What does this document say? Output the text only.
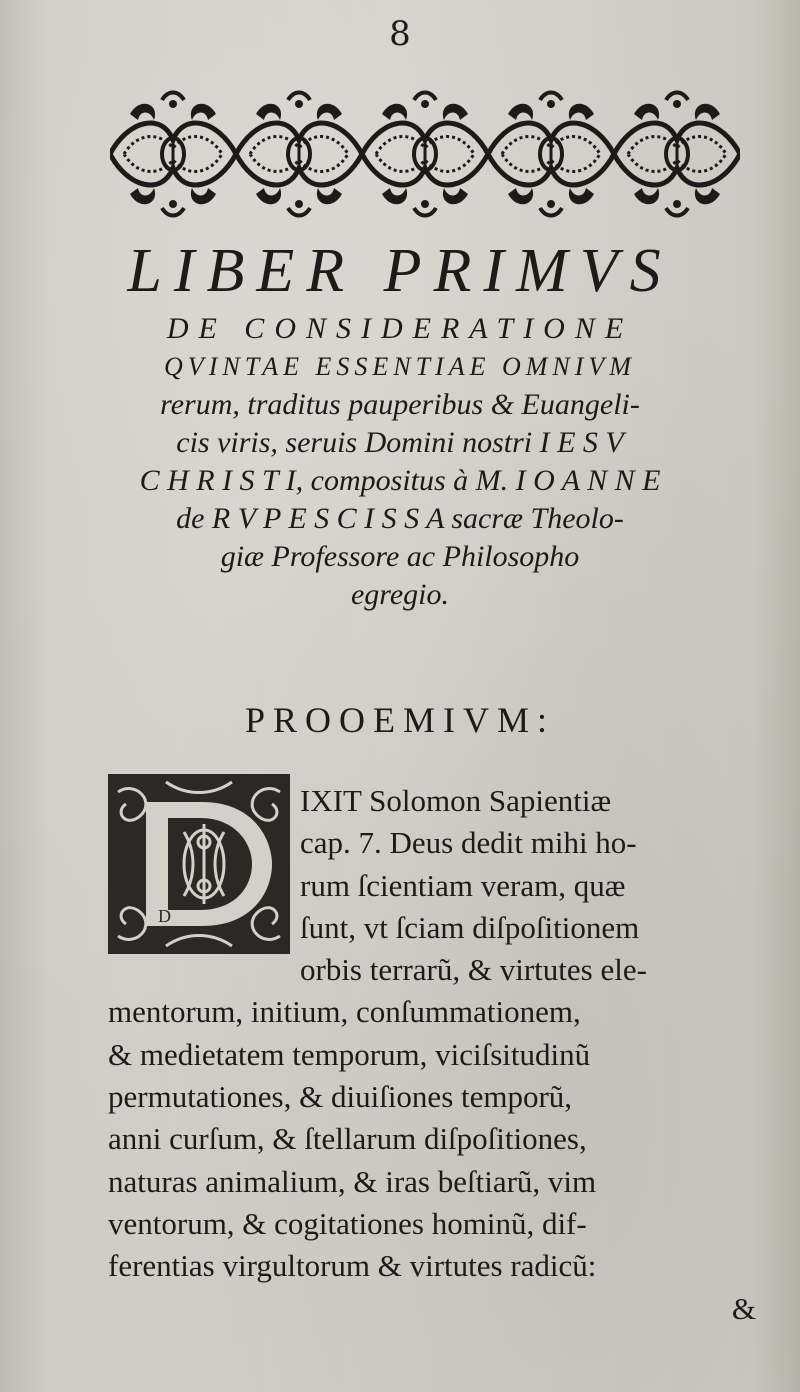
8
LIBER PRIMVS
DE CONSIDERATIONE
QVINTAE ESSENTIAE OMNIVM
rerum, traditus pauperibus & Euangeli-
cis viris, seruis Domini nostri I E S V
C H R I S T I, compositus à M. I O A N N E
de R V P E S C I S S A sacræ Theolo-
giæ Professore ac Philosopho
egregio.
PROOEMIVM:
D
IXIT Solomon Sapientiæ
cap. 7. Deus dedit mihi ho-
rum ſcientiam veram, quæ
ſunt, vt ſciam diſpoſitionem
orbis terrarũ, & virtutes ele-
mentorum, initium, conſummationem,
& medietatem temporum, viciſsitudinũ
permutationes, & diuiſiones temporũ,
anni curſum, & ſtellarum diſpoſitiones,
naturas animalium, & iras beſtiarũ, vim
ventorum, & cogitationes hominũ, dif-
ferentias virgultorum & virtutes radicũ:
&
